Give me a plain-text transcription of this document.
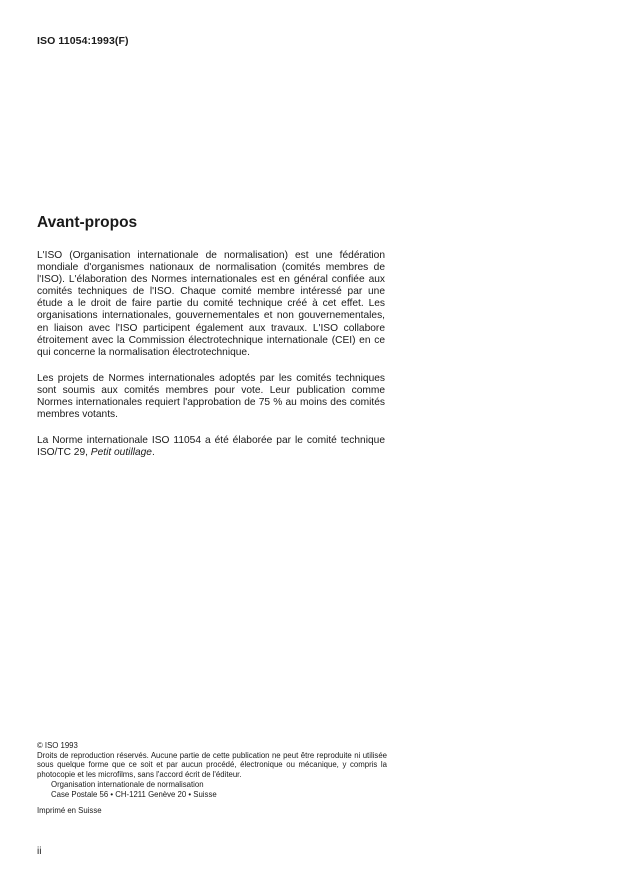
ISO 11054:1993(F)

Avant-propos

L'ISO (Organisation internationale de normalisation) est une fédération mondiale d'organismes nationaux de normalisation (comités membres de l'ISO). L'élaboration des Normes internationales est en général confiée aux comités techniques de l'ISO. Chaque comité membre intéressé par une étude a le droit de faire partie du comité technique créé à cet effet. Les organisations internationales, gouvernementales et non gouvernementales, en liaison avec l'ISO participent également aux travaux. L'ISO collabore étroitement avec la Commission électrotechnique internationale (CEI) en ce qui concerne la normalisation électrotechnique.

Les projets de Normes internationales adoptés par les comités techniques sont soumis aux comités membres pour vote. Leur publication comme Normes internationales requiert l'approbation de 75 % au moins des comités membres votants.

La Norme internationale ISO 11054 a été élaborée par le comité technique ISO/TC 29, Petit outillage.

© ISO 1993

Droits de reproduction réservés. Aucune partie de cette publication ne peut être reproduite ni utilisée sous quelque forme que ce soit et par aucun procédé, électronique ou mécanique, y compris la photocopie et les microfilms, sans l'accord écrit de l'éditeur.

Organisation internationale de normalisation
Case Postale 56 • CH-1211 Genève 20 • Suisse

Imprimé en Suisse

ii
